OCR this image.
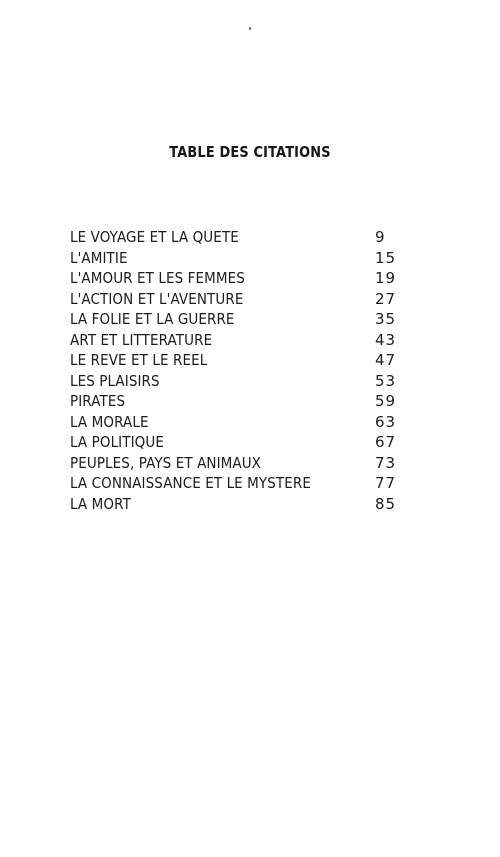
TABLE DES CITATIONS
LE VOYAGE ET LA QUETE	9
L'AMITIE	15
L'AMOUR ET LES FEMMES	19
L'ACTION ET L'AVENTURE	27
LA FOLIE ET LA GUERRE	35
ART ET LITTERATURE	43
LE REVE ET LE REEL	47
LES PLAISIRS	53
PIRATES	59
LA MORALE	63
LA POLITIQUE	67
PEUPLES, PAYS ET ANIMAUX	73
LA CONNAISSANCE ET LE MYSTERE	77
LA MORT	85
